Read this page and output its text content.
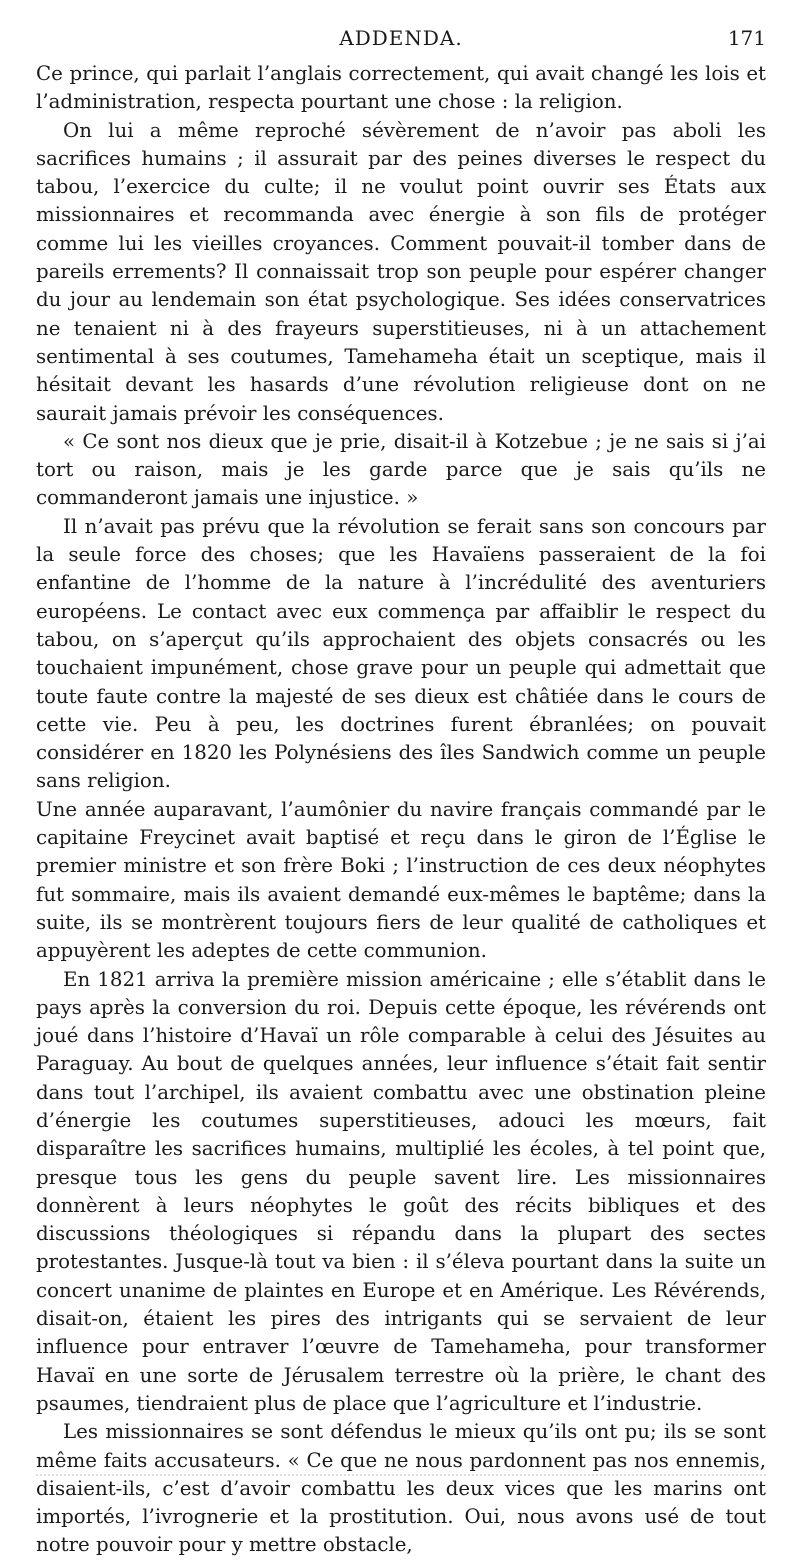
ADDENDA.	171

Ce prince, qui parlait l’anglais correctement, qui avait changé les lois et l’administration, respecta pourtant une chose : la religion.

On lui a même reproché sévèrement de n’avoir pas aboli les sacrifices humains ; il assurait par des peines diverses le respect du tabou, l’exercice du culte; il ne voulut point ouvrir ses États aux missionnaires et recommanda avec énergie à son fils de protéger comme lui les vieilles croyances. Comment pouvait-il tomber dans de pareils errements? Il connaissait trop son peuple pour espérer changer du jour au lendemain son état psychologique. Ses idées conservatrices ne tenaient ni à des frayeurs superstitieuses, ni à un attachement sentimental à ses coutumes, Tamehameha était un sceptique, mais il hésitait devant les hasards d’une révolution religieuse dont on ne saurait jamais prévoir les conséquences.

« Ce sont nos dieux que je prie, disait-il à Kotzebue ; je ne sais si j’ai tort ou raison, mais je les garde parce que je sais qu’ils ne commanderont jamais une injustice. »

Il n’avait pas prévu que la révolution se ferait sans son concours par la seule force des choses; que les Havaïens passeraient de la foi enfantine de l’homme de la nature à l’incrédulité des aventuriers européens. Le contact avec eux commença par affaiblir le respect du tabou, on s’aperçut qu’ils approchaient des objets consacrés ou les touchaient impunément, chose grave pour un peuple qui admettait que toute faute contre la majesté de ses dieux est châtiée dans le cours de cette vie. Peu à peu, les doctrines furent ébranlées; on pouvait considérer en 1820 les Polynésiens des îles Sandwich comme un peuple sans religion.

Une année auparavant, l’aumônier du navire français commandé par le capitaine Freycinet avait baptisé et reçu dans le giron de l’Église le premier ministre et son frère Boki ; l’instruction de ces deux néophytes fut sommaire, mais ils avaient demandé eux-mêmes le baptême; dans la suite, ils se montrèrent toujours fiers de leur qualité de catholiques et appuyèrent les adeptes de cette communion.

En 1821 arriva la première mission américaine ; elle s’établit dans le pays après la conversion du roi. Depuis cette époque, les révérends ont joué dans l’histoire d’Havaï un rôle comparable à celui des Jésuites au Paraguay. Au bout de quelques années, leur influence s’était fait sentir dans tout l’archipel, ils avaient combattu avec une obstination pleine d’énergie les coutumes superstitieuses, adouci les mœurs, fait disparaître les sacrifices humains, multiplié les écoles, à tel point que, presque tous les gens du peuple savent lire. Les missionnaires donnèrent à leurs néophytes le goût des récits bibliques et des discussions théologiques si répandu dans la plupart des sectes protestantes. Jusque-là tout va bien : il s’éleva pourtant dans la suite un concert unanime de plaintes en Europe et en Amérique. Les Révérends, disait-on, étaient les pires des intrigants qui se servaient de leur influence pour entraver l’œuvre de Tamehameha, pour transformer Havaï en une sorte de Jérusalem terrestre où la prière, le chant des psaumes, tiendraient plus de place que l’agriculture et l’industrie.

Les missionnaires se sont défendus le mieux qu’ils ont pu; ils se sont même faits accusateurs. « Ce que ne nous pardonnent pas nos ennemis, disaient-ils, c’est d’avoir combattu les deux vices que les marins ont importés, l’ivrognerie et la prostitution. Oui, nous avons usé de tout notre pouvoir pour y mettre obstacle,
